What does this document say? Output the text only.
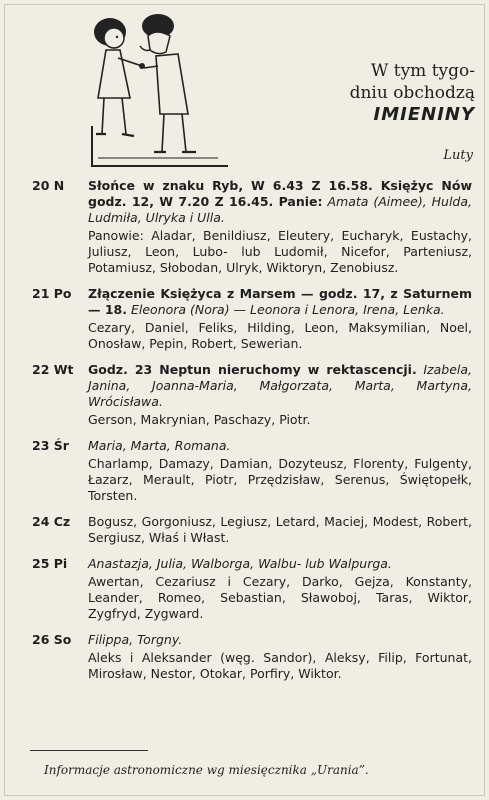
W tym tygo-
dniu obchodzą
IMIENINY
Luty
20 N Słońce w znaku Ryb, W 6.43 Z 16.58. Księżyc Nów godz. 12, W 7.20 Z 16.45. Panie: Amata (Aimee), Hulda, Ludmiła, Ulryka i Ulla.
Panowie: Aladar, Benildiusz, Eleutery, Eucharyk, Eustachy, Juliusz, Leon, Lubo- lub Ludomił, Nicefor, Parteniusz, Potamiusz, Słobodan, Ulryk, Wiktoryn, Zenobiusz.
21 Po Złączenie Księżyca z Marsem — godz. 17, z Saturnem — 18. Eleonora (Nora) — Leonora i Lenora, Irena, Lenka.
Cezary, Daniel, Feliks, Hilding, Leon, Maksymilian, Noel, Onosław, Pepin, Robert, Sewerian.
22 Wt Godz. 23 Neptun nieruchomy w rektascencji. Izabela, Janina, Joanna-Maria, Małgorzata, Marta, Martyna, Wrócisława.
Gerson, Makrynian, Paschazy, Piotr.
23 Śr Maria, Marta, Romana.
Charlamp, Damazy, Damian, Dozyteusz, Florenty, Fulgenty, Łazarz, Merault, Piotr, Przędzisław, Serenus, Świętopełk, Torsten.
24 Cz Bogusz, Gorgoniusz, Legiusz, Letard, Maciej, Modest, Robert, Sergiusz, Właś i Włast.
25 Pi Anastazja, Julia, Walborga, Walbu- lub Walpurga.
Awertan, Cezariusz i Cezary, Darko, Gejza, Konstanty, Leander, Romeo, Sebastian, Sławoboj, Taras, Wiktor, Zygfryd, Zygward.
26 So Filippa, Torgny.
Aleks i Aleksander (węg. Sandor), Aleksy, Filip, Fortunat, Mirosław, Nestor, Otokar, Porfiry, Wiktor.
Informacje astronomiczne wg miesięcznika „Urania”.
